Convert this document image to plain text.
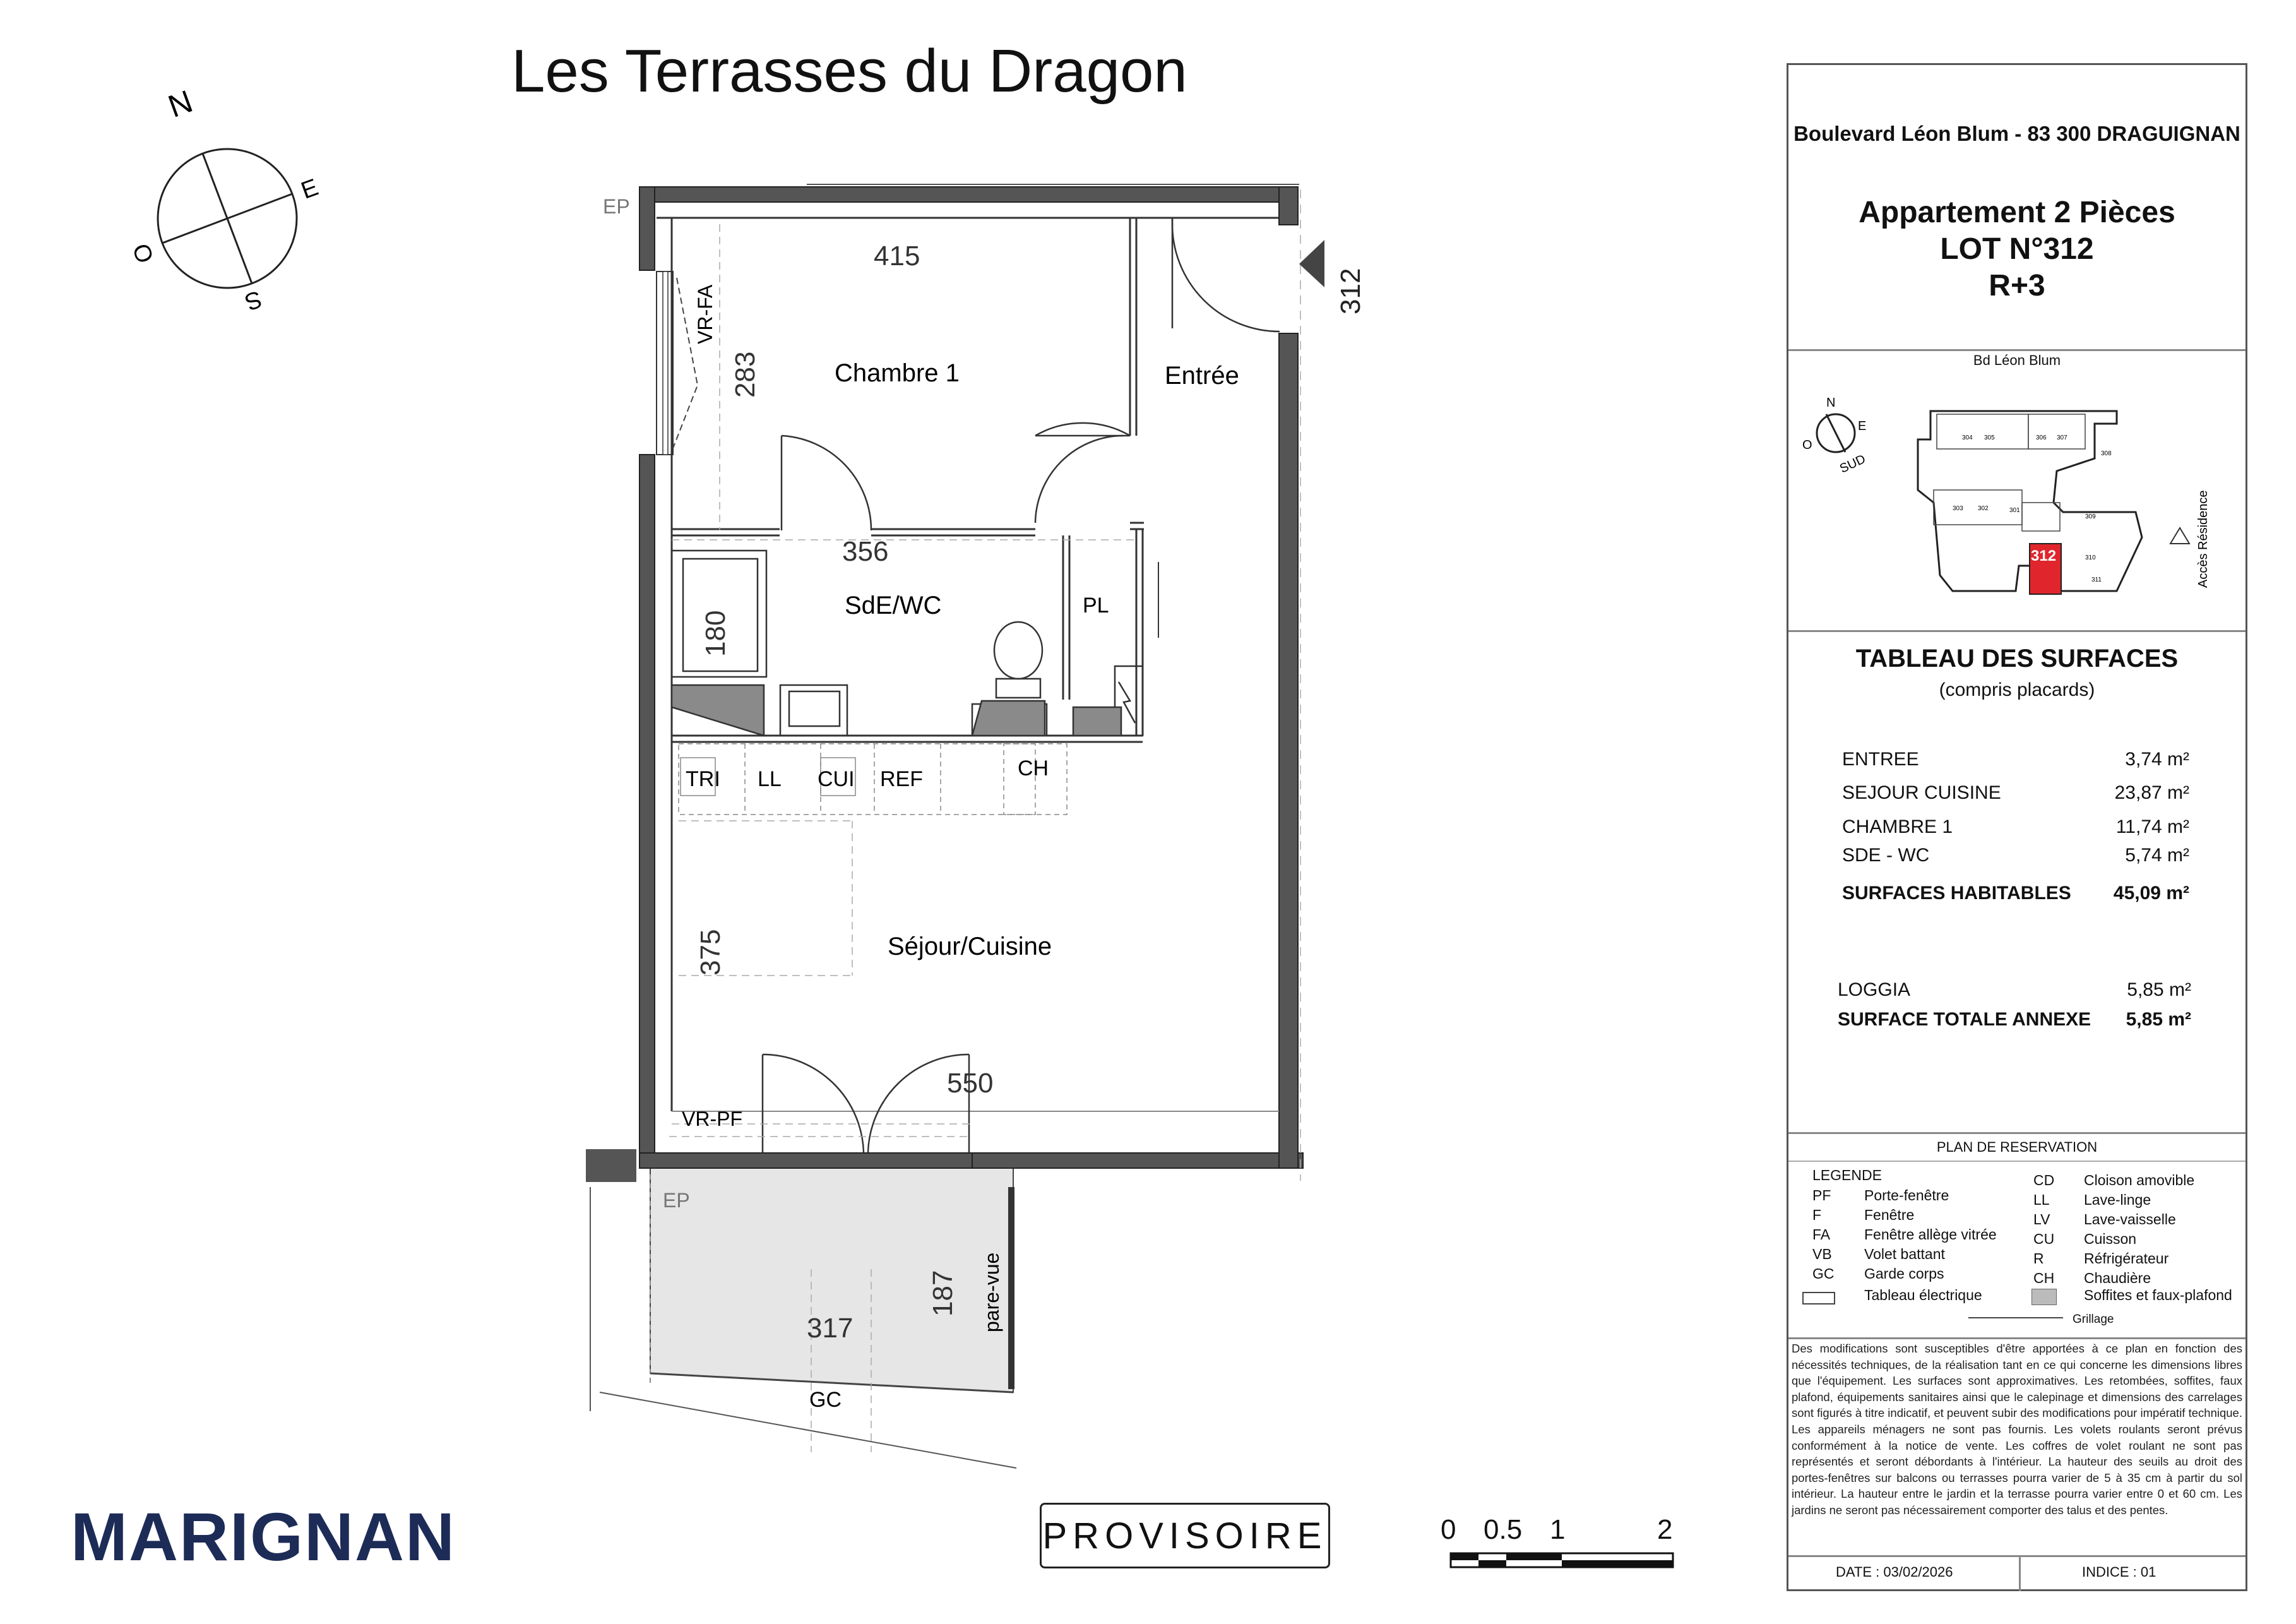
N
E
S
O
Chambre 1	Entrée
SdE/WC	PL
Séjour/Cuisine
415
283
356
180
375
550
317
187
312
EP
EP
VR-FA
VR-PF
TRI LL CUI REF	CH
pare-vue
GC
Les Terrasses du Dragon
MARIGNAN	PROVISOIRE	0 0.5 1	2
Boulevard Léon Blum - 83 300 DRAGUIGNAN
Appartement 2 Pièces
LOT N°312
R+3
Bd Léon Blum
N
E
O
SUD
312
304 305	306 307
308
303 302	301
309
310
311	Accès Résidence
TABLEAU DES SURFACES
(compris placards)
ENTREE	3,74 m²
SEJOUR CUISINE	23,87 m²
CHAMBRE 1	11,74 m²
SDE - WC	5,74 m²
SURFACES HABITABLES 45,09 m²
LOGGIA	5,85 m²
SURFACE TOTALE ANNEXE 5,85 m²
PLAN DE RESERVATION
LEGENDE
PF Porte-fenêtre
F	Fenêtre
FA Fenêtre allège vitrée
VB Volet battant
GC Garde corps
CD Cloison amovible
LL Lave-linge
LV Lave-vaisselle
CU Cuisson
R	Réfrigérateur
CH Chaudière
Tableau électrique	Soffites et faux-plafond
Grillage
Des modifications sont susceptibles d'être apportées à ce plan en fonction des nécessités techniques, de la réalisation tant en ce qui concerne les dimensions libres que l'équipement. Les surfaces sont approximatives. Les retombées, soffites, faux plafond, équipements sanitaires ainsi que le calepinage et dimensions des carrelages sont figurés à titre indicatif, et peuvent subir des modifications pour impératif technique. Les appareils ménagers ne sont pas fournis. Les volets roulants seront prévus conformément à la notice de vente. Les coffres de volet roulant ne sont pas représentés et seront débordants à l'intérieur. La hauteur des seuils au droit des portes-fenêtres sur balcons ou terrasses pourra varier de 5 à 35 cm à partir du sol intérieur. La hauteur entre le jardin et la terrasse pourra varier entre 0 et 60 cm. Les jardins ne seront pas nécessairement comporter des talus et des pentes.
DATE : 03/02/2026	INDICE : 01
